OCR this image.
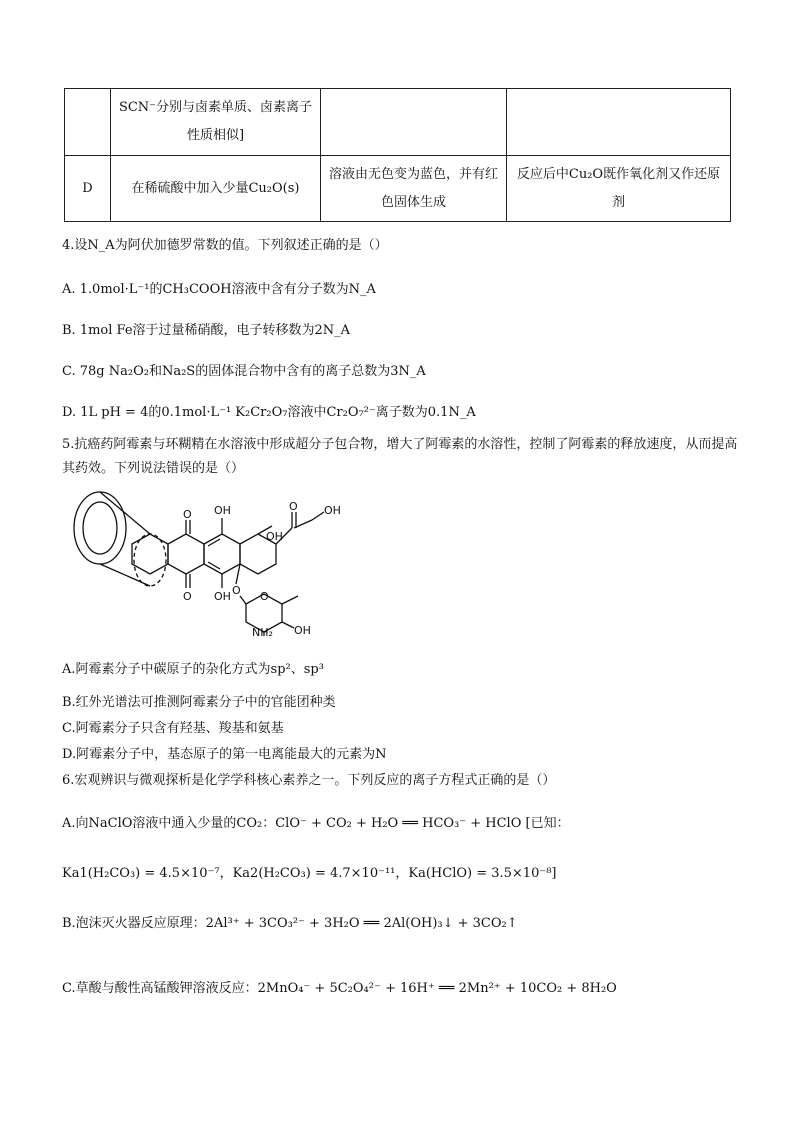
	SCN⁻分别与卤素单质、卤素离子性质相似]		
D	在稀硫酸中加入少量Cu₂O(s)	溶液由无色变为蓝色，并有红色固体生成	反应后中Cu₂O既作氧化剂又作还原剂
4.设N_A为阿伏加德罗常数的值。下列叙述正确的是（）
A. 1.0mol·L⁻¹的CH₃COOH溶液中含有分子数为N_A
B. 1mol Fe溶于过量稀硝酸，电子转移数为2N_A
C. 78g Na₂O₂和Na₂S的固体混合物中含有的离子总数为3N_A
D. 1L pH = 4的0.1mol·L⁻¹ K₂Cr₂O₇溶液中Cr₂O₇²⁻离子数为0.1N_A
5.抗癌药阿霉素与环糊精在水溶液中形成超分子包合物，增大了阿霉素的水溶性，控制了阿霉素的释放速度，从而提高其药效。下列说法错误的是（）
OH	OH
OH
OH
OH
O
O
O
O O
NH₂
A.阿霉素分子中碳原子的杂化方式为sp²、sp³
B.红外光谱法可推测阿霉素分子中的官能团种类
C.阿霉素分子只含有羟基、羧基和氨基
D.阿霉素分子中，基态原子的第一电离能最大的元素为N
6.宏观辨识与微观探析是化学学科核心素养之一。下列反应的离子方程式正确的是（）
A.向NaClO溶液中通入少量的CO₂：ClO⁻ + CO₂ + H₂O ══ HCO₃⁻ + HClO [已知：
Ka1(H₂CO₃) = 4.5×10⁻⁷，Ka2(H₂CO₃) = 4.7×10⁻¹¹，Ka(HClO) = 3.5×10⁻⁸]
B.泡沫灭火器反应原理：2Al³⁺ + 3CO₃²⁻ + 3H₂O ══ 2Al(OH)₃↓ + 3CO₂↑
C.草酸与酸性高锰酸钾溶液反应：2MnO₄⁻ + 5C₂O₄²⁻ + 16H⁺ ══ 2Mn²⁺ + 10CO₂ + 8H₂O
